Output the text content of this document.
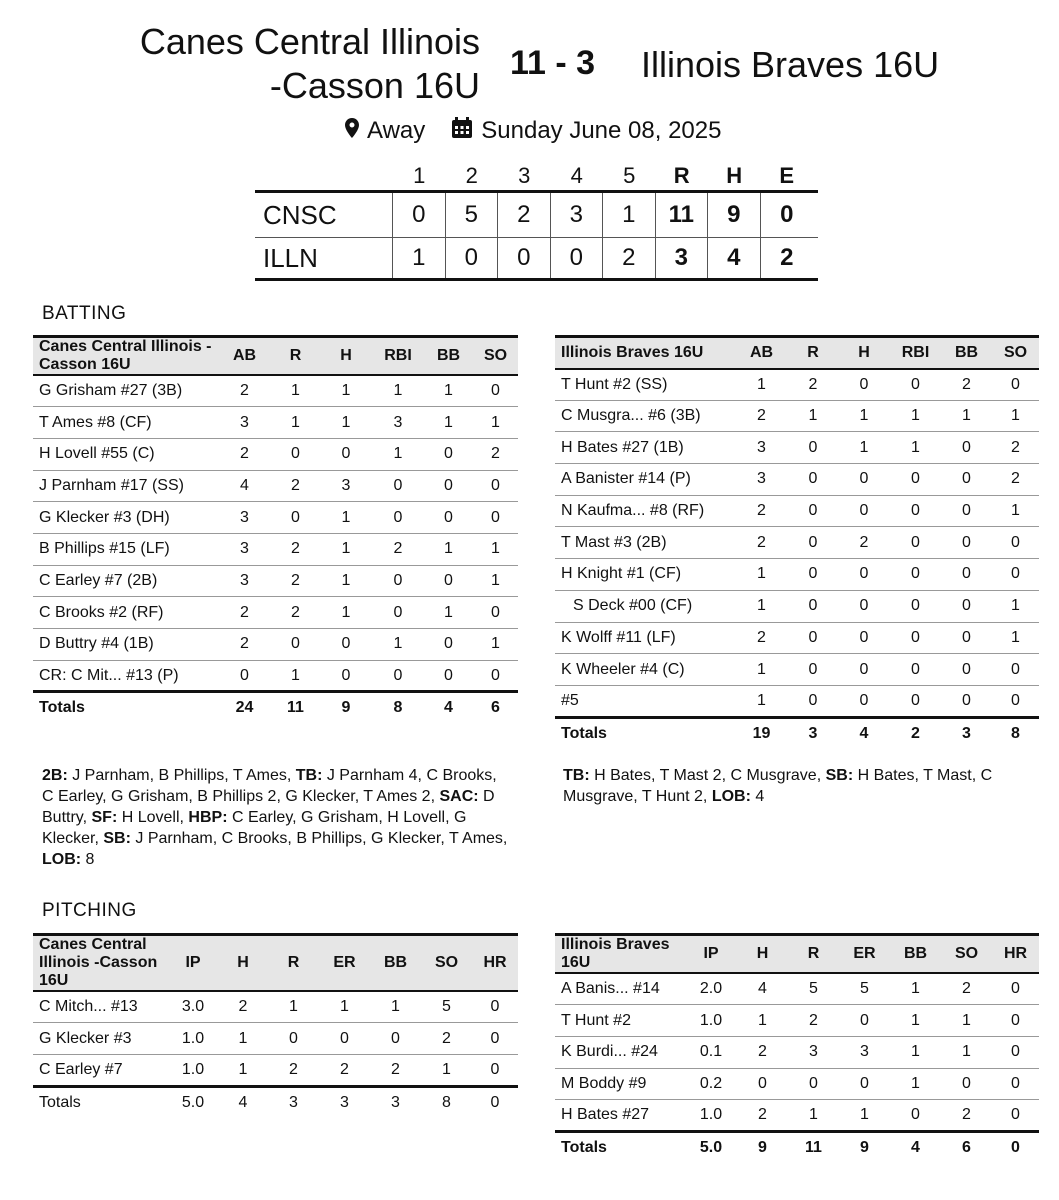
Canes Central Illinois -Casson 16U
11 - 3 Illinois Braves 16U
Away Sunday June 08, 2025
1	2	3	4	5	R	H	E
CNSC	0	5	2	3	1	11	9	0
ILLN	1	0	0	0	2	3	4	2
BATTING
Canes Central Illinois -Casson 16U	AB	R	H	RBI	BB	SO
G Grisham #27 (3B)	2	1	1	1	1	0
T Ames #8 (CF)	3	1	1	3	1	1
H Lovell #55 (C)	2	0	0	1	0	2
J Parnham #17 (SS)	4	2	3	0	0	0
G Klecker #3 (DH)	3	0	1	0	0	0
B Phillips #15 (LF)	3	2	1	2	1	1
C Earley #7 (2B)	3	2	1	0	0	1
C Brooks #2 (RF)	2	2	1	0	1	0
D Buttry #4 (1B)	2	0	0	1	0	1
CR: C Mit... #13 (P)	0	1	0	0	0	0
Totals	24	11	9	8	4	6
Illinois Braves 16U	AB	R	H	RBI	BB	SO
T Hunt #2 (SS)	1	2	0	0	2	0
C Musgra... #6 (3B)	2	1	1	1	1	1
H Bates #27 (1B)	3	0	1	1	0	2
A Banister #14 (P)	3	0	0	0	0	2
N Kaufma... #8 (RF)	2	0	0	0	0	1
T Mast #3 (2B)	2	0	2	0	0	0
H Knight #1 (CF)	1	0	0	0	0	0
S Deck #00 (CF)	1	0	0	0	0	1
K Wolff #11 (LF)	2	0	0	0	0	1
K Wheeler #4 (C)	1	0	0	0	0	0
#5	1	0	0	0	0	0
Totals	19	3	4	2	3	8
2B: J Parnham, B Phillips, T Ames, TB: J Parnham 4, C Brooks, C Earley, G Grisham, B Phillips 2, G Klecker, T Ames 2, SAC: D Buttry, SF: H Lovell, HBP: C Earley, G Grisham, H Lovell, G Klecker, SB: J Parnham, C Brooks, B Phillips, G Klecker, T Ames, LOB: 8
TB: H Bates, T Mast 2, C Musgrave, SB: H Bates, T Mast, C Musgrave, T Hunt 2, LOB: 4
PITCHING
Canes Central Illinois -Casson 16U	IP	H	R	ER	BB	SO	HR
C Mitch... #13	3.0	2	1	1	1	5	0
G Klecker #3	1.0	1	0	0	0	2	0
C Earley #7	1.0	1	2	2	2	1	0
Totals	5.0	4	3	3	3	8	0
Illinois Braves 16U	IP	H	R	ER	BB	SO	HR
A Banis... #14	2.0	4	5	5	1	2	0
T Hunt #2	1.0	1	2	0	1	1	0
K Burdi... #24	0.1	2	3	3	1	1	0
M Boddy #9	0.2	0	0	0	1	0	0
H Bates #27	1.0	2	1	1	0	2	0
Totals	5.0	9	11	9	4	6	0
